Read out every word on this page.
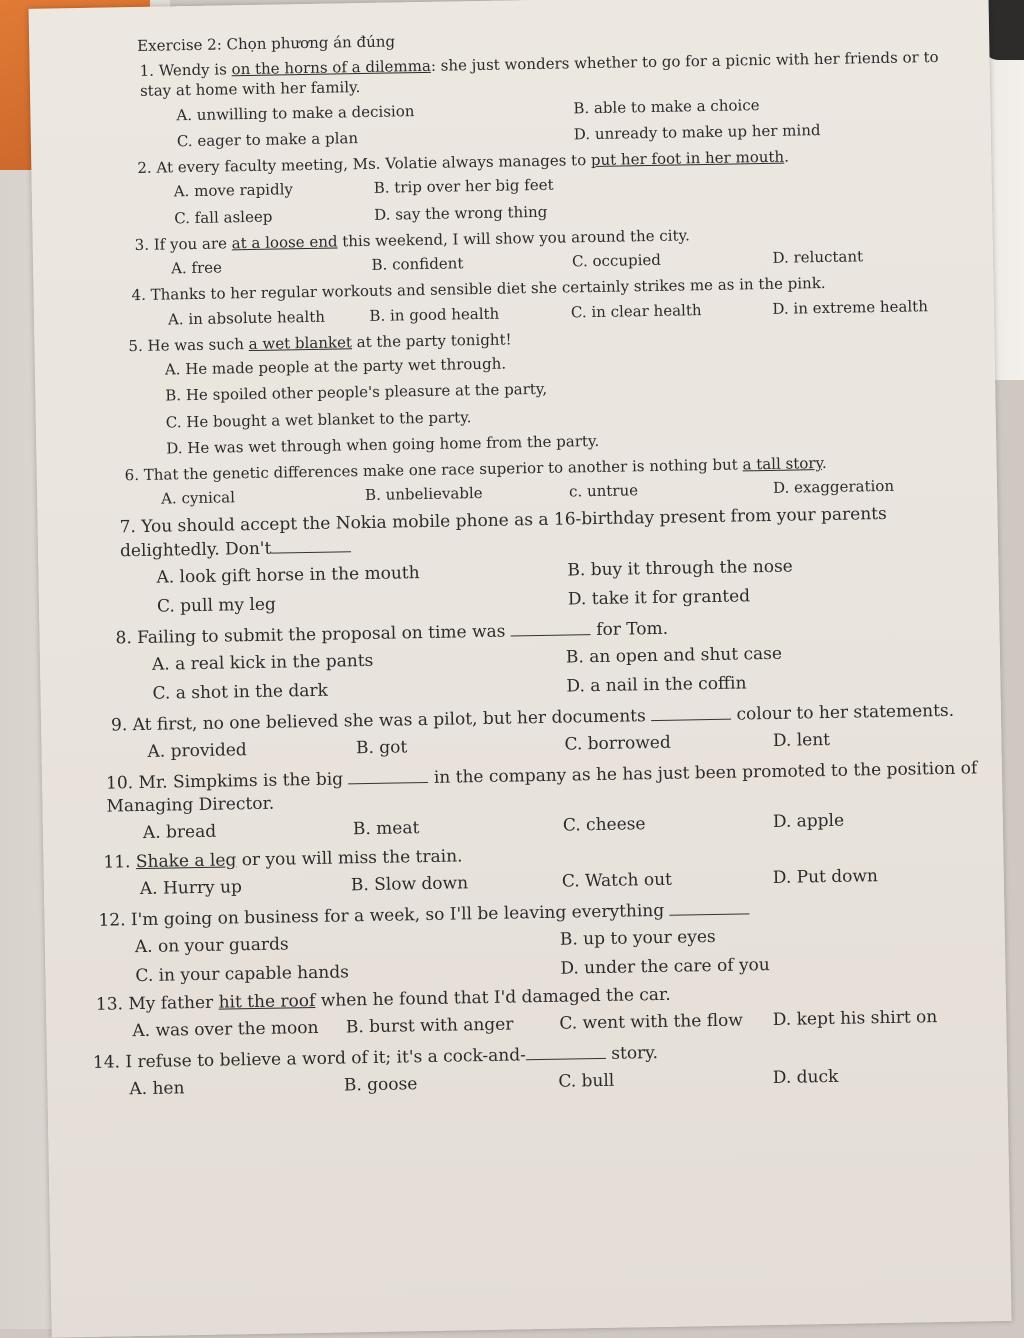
Exercise 2: Chọn phương án đúng
1. Wendy is on the horns of a dilemma: she just wonders whether to go for a picnic with her friends or to stay at home with her family.
A. unwilling to make a decision	B. able to make a choice
C. eager to make a plan	D. unready to make up her mind
2. At every faculty meeting, Ms. Volatie always manages to put her foot in her mouth.
A. move rapidly	B. trip over her big feet
C. fall asleep	D. say the wrong thing
3. If you are at a loose end this weekend, I will show you around the city.
A. free	B. confident	C. occupied	D. reluctant
4. Thanks to her regular workouts and sensible diet she certainly strikes me as in the pink.
A. in absolute health	B. in good health	C. in clear health	D. in extreme health
5. He was such a wet blanket at the party tonight!
A. He made people at the party wet through.
B. He spoiled other people's pleasure at the party,
C. He bought a wet blanket to the party.
D. He was wet through when going home from the party.
6. That the genetic differences make one race superior to another is nothing but a tall story.
A. cynical	B. unbelievable	c. untrue	D. exaggeration
7. You should accept the Nokia mobile phone as a 16-birthday present from your parents delightedly. Don't
A. look gift horse in the mouth	B. buy it through the nose
C. pull my leg	D. take it for granted
8. Failing to submit the proposal on time was	for Tom.
A. a real kick in the pants	B. an open and shut case
C. a shot in the dark	D. a nail in the coffin
9. At first, no one believed she was a pilot, but her documents	colour to her statements.
A. provided	B. got	C. borrowed	D. lent
10. Mr. Simpkims is the big	in the company as he has just been promoted to the position of Managing Director.
A. bread	B. meat	C. cheese	D. apple
11. Shake a leg or you will miss the train.
A. Hurry up	B. Slow down	C. Watch out	D. Put down
12. I'm going on business for a week, so I'll be leaving everything
A. on your guards	B. up to your eyes
C. in your capable hands	D. under the care of you
13. My father hit the roof when he found that I'd damaged the car.
A. was over the moon	B. burst with anger	C. went with the flow	D. kept his shirt on
14. I refuse to believe a word of it; it's a cock-and-	story.
A. hen	B. goose	C. bull	D. duck
